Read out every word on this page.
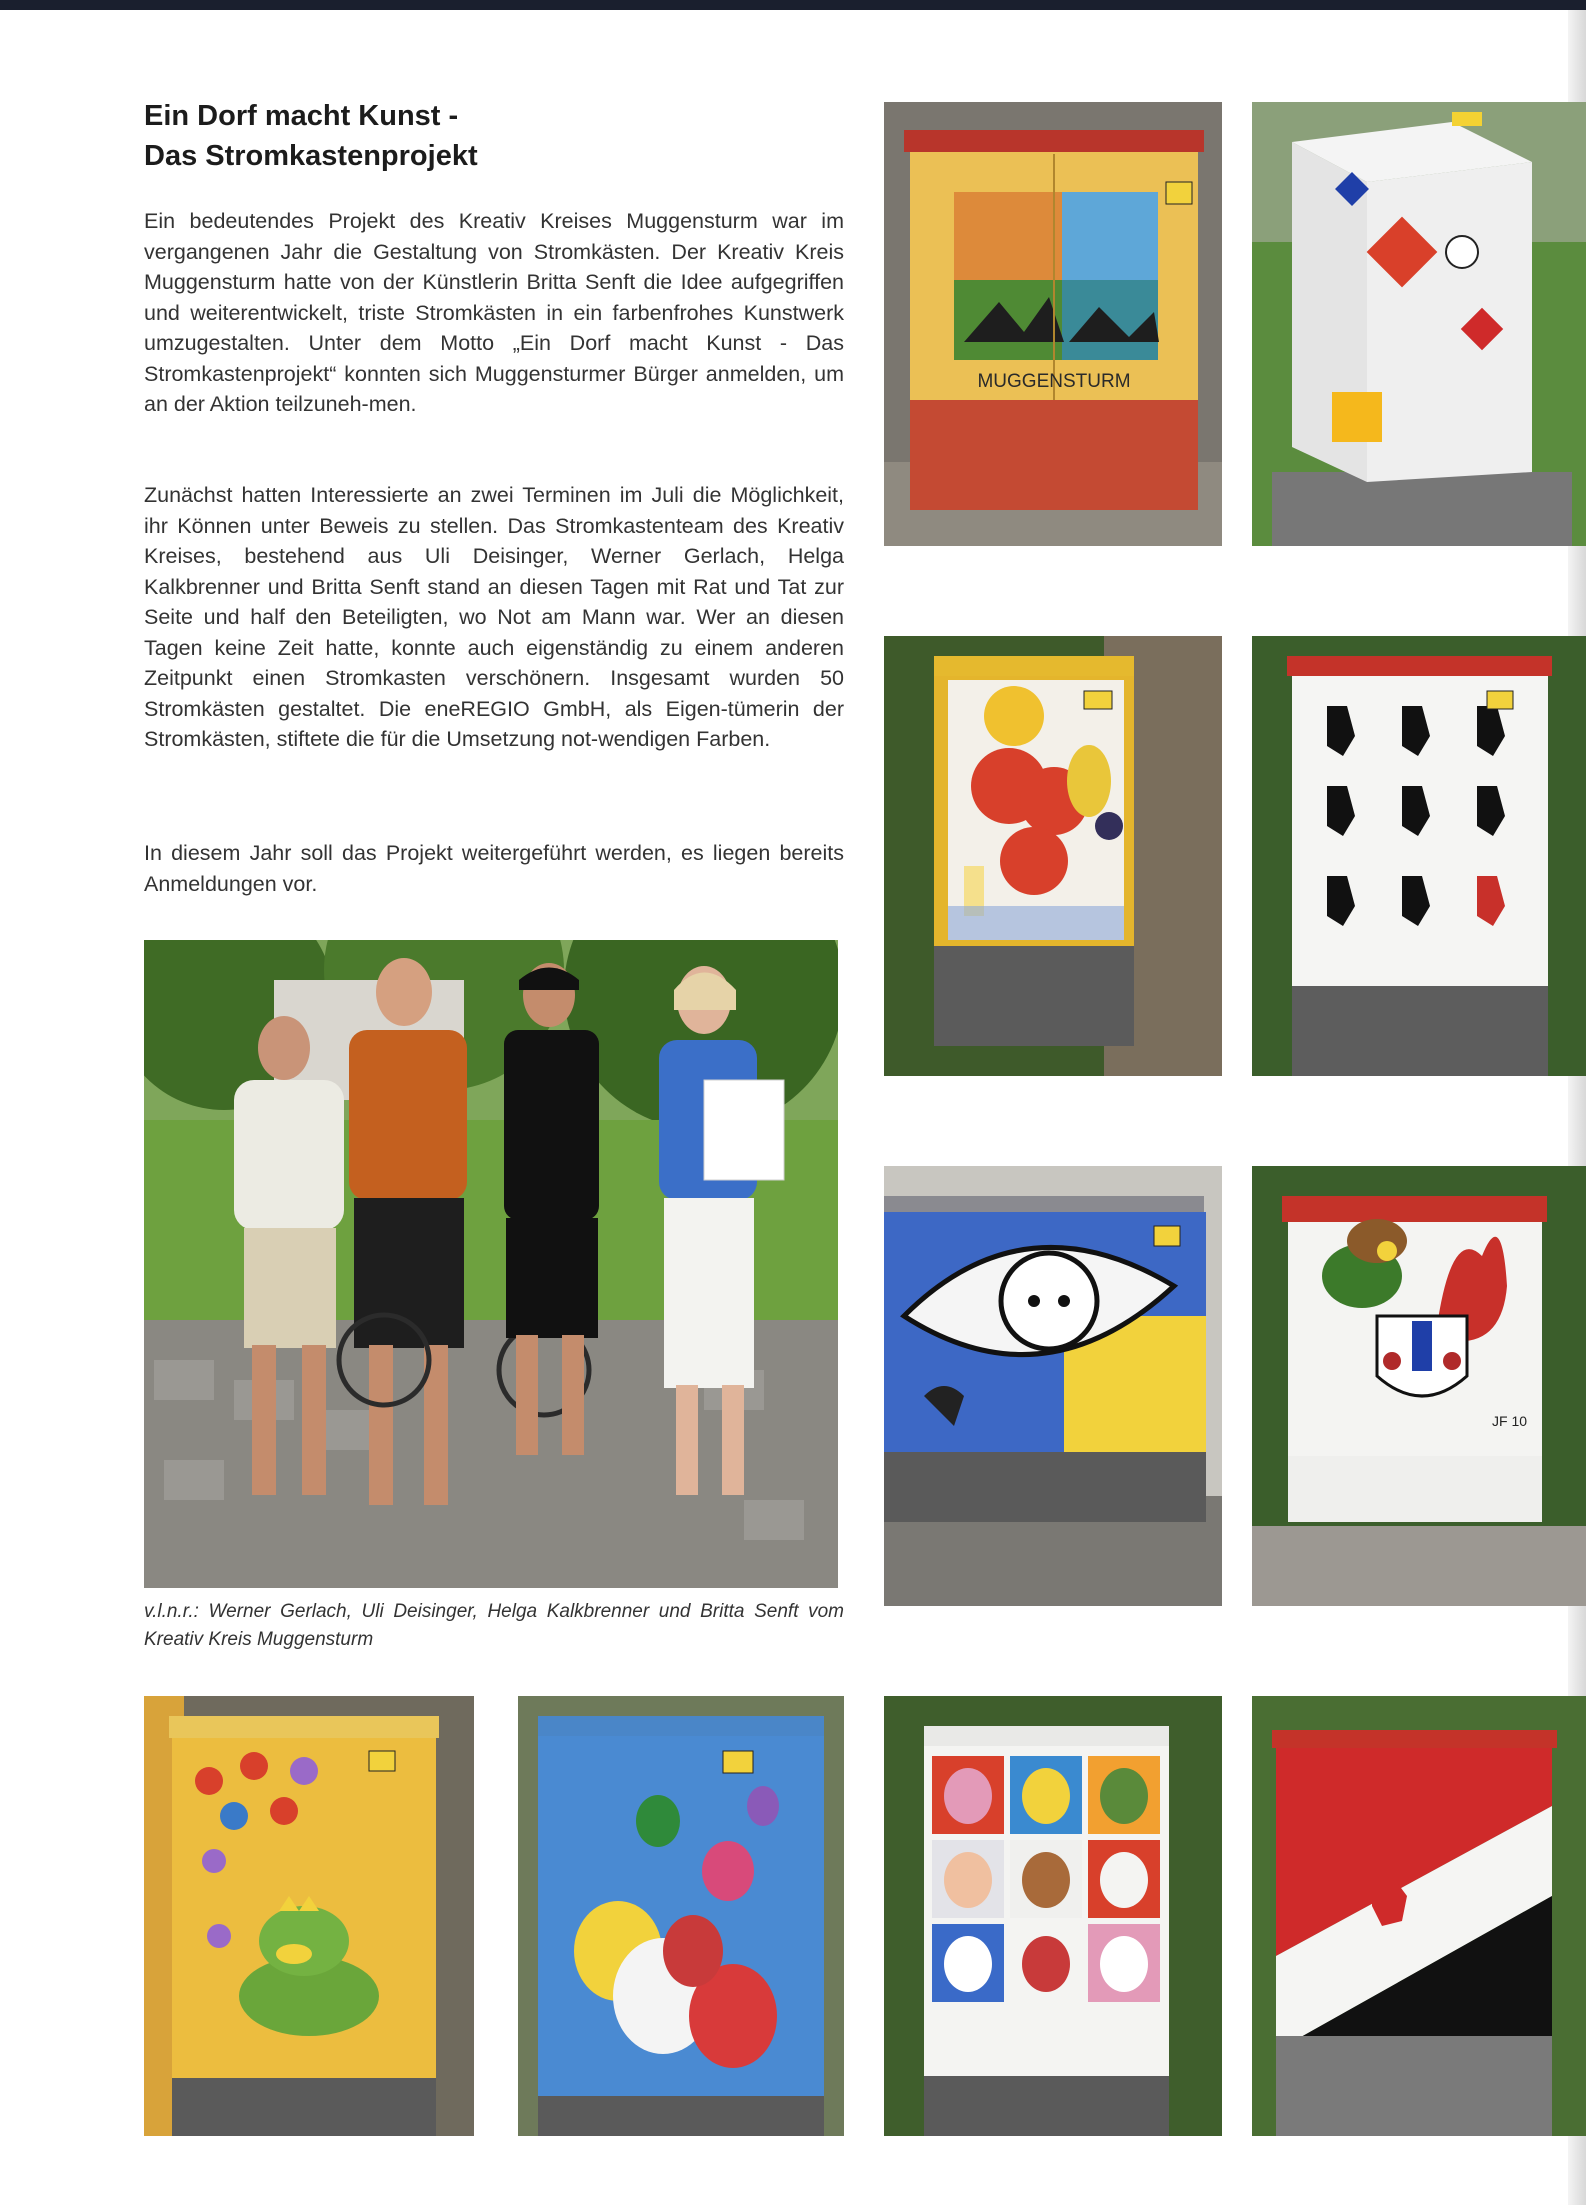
Ein Dorf macht Kunst -
Das Stromkastenprojekt

Ein bedeutendes Projekt des Kreativ Kreises Muggensturm war im vergangenen Jahr die Gestaltung von Stromkästen. Der Kreativ Kreis Muggensturm hatte von der Künstlerin Britta Senft die Idee aufgegriffen und weiterentwickelt, triste Stromkästen in ein farbenfrohes Kunstwerk umzugestalten. Unter dem Motto „Ein Dorf macht Kunst - Das Stromkastenprojekt“ konnten sich Muggensturmer Bürger anmelden, um an der Aktion teilzuneh-men.

Zunächst hatten Interessierte an zwei Terminen im Juli die Möglichkeit, ihr Können unter Beweis zu stellen. Das Stromkastenteam des Kreativ Kreises, bestehend aus Uli Deisinger, Werner Gerlach, Helga Kalkbrenner und Britta Senft stand an diesen Tagen mit Rat und Tat zur Seite und half den Beteiligten, wo Not am Mann war. Wer an diesen Tagen keine Zeit hatte, konnte auch eigenständig zu einem anderen Zeitpunkt einen Stromkasten verschönern. Insgesamt wurden 50 Stromkästen gestaltet. Die eneREGIO GmbH, als Eigen-tümerin der Stromkästen, stiftete die für die Umsetzung not-wendigen Farben.

In diesem Jahr soll das Projekt weitergeführt werden, es liegen bereits Anmeldungen vor.

v.l.n.r.: Werner Gerlach, Uli Deisinger, Helga Kalkbrenner und Britta Senft vom Kreativ Kreis Muggensturm

MUGGENSTURM
JF 10
